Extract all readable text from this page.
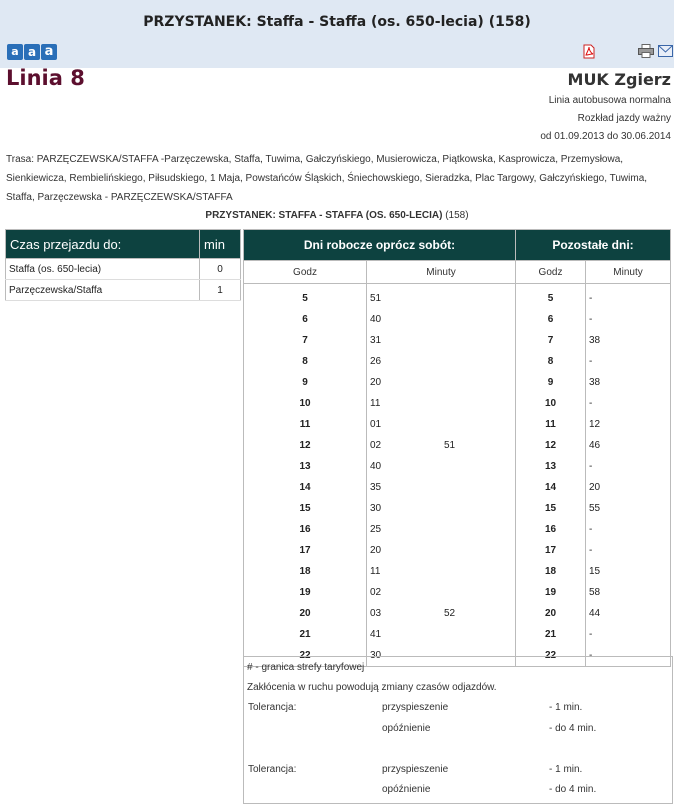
PRZYSTANEK: Staffa - Staffa (os. 650-lecia) (158)
a a a
Linia 8	MUK Zgierz
Linia autobusowa normalna
Rozkład jazdy ważny
od 01.09.2013 do 30.06.2014
Trasa: PARZĘCZEWSKA/STAFFA -Parzęczewska, Staffa, Tuwima, Gałczyńskiego, Musierowicza, Piątkowska, Kasprowicza, Przemysłowa, Sienkiewicza, Rembielińskiego, Piłsudskiego, 1 Maja, Powstańców Śląskich, Śniechowskiego, Sieradzka, Plac Targowy, Gałczyńskiego, Tuwima, Staffa, Parzęczewska - PARZĘCZEWSKA/STAFFA
PRZYSTANEK: STAFFA - STAFFA (OS. 650-LECIA) (158)
Czas przejazdu do:	min
Staffa (os. 650-lecia)	0
Parzęczewska/Staffa	1
Dni robocze oprócz sobót:			Pozostałe dni:	
Godz	Minuty		Godz	Minuty
5	51		5	-
6	40		6	-
7	31		7	38
8	26		8	-
9	20		9	38
10	11		10	-
11	01		11	12
12	02	51	12	46
13	40		13	-
14	35		14	20
15	30		15	55
16	25		16	-
17	20		17	-
18	11		18	15
19	02		19	58
20	03	52	20	44
21	41		21	-
22	30		22	-
# - granica strefy taryfowej
Zakłócenia w ruchu powodują zmiany czasów odjazdów.
Tolerancja:	przyspieszenie	- 1 min.
opóźnienie	- do 4 min.
Tolerancja:	przyspieszenie	- 1 min.
opóźnienie	- do 4 min.
